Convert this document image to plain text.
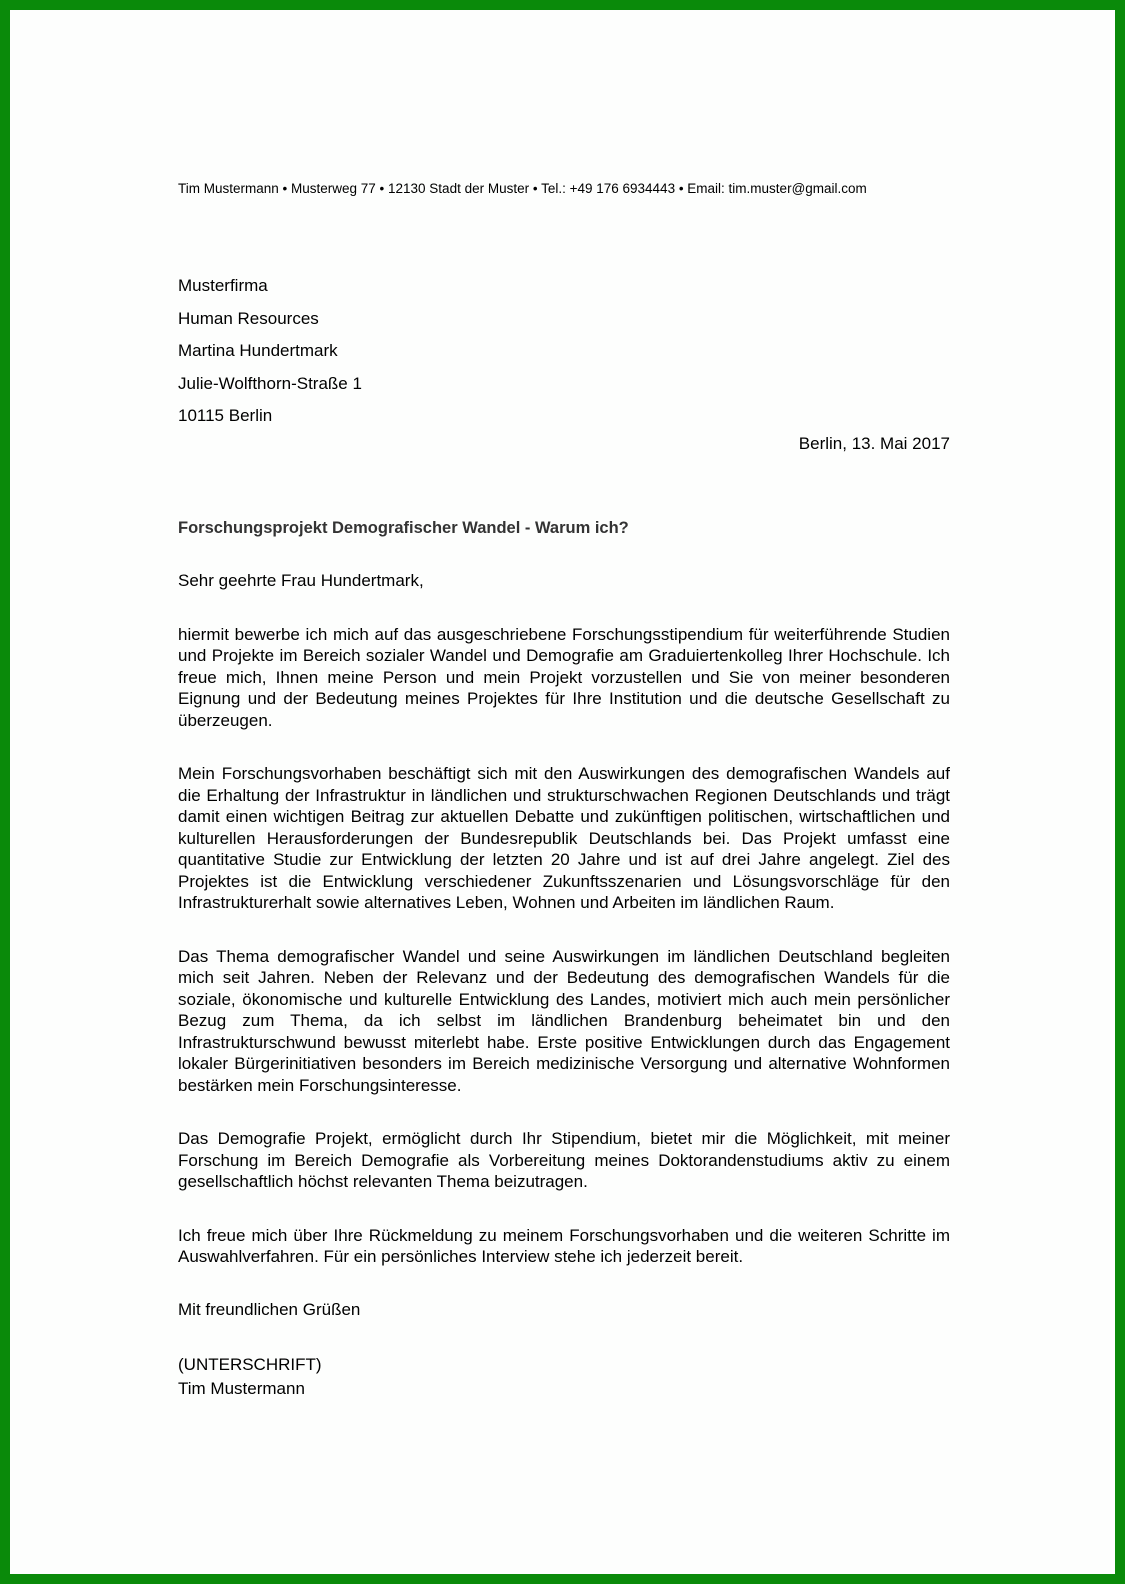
Tim Mustermann • Musterweg 77 • 12130 Stadt der Muster • Tel.: +49 176 6934443 • Email: tim.muster@gmail.com
Musterfirma
Human Resources
Martina Hundertmark
Julie-Wolfthorn-Straße 1
10115 Berlin
Berlin, 13. Mai 2017
Forschungsprojekt Demografischer Wandel - Warum ich?
Sehr geehrte Frau Hundertmark,
hiermit bewerbe ich mich auf das ausgeschriebene Forschungsstipendium für weiterführende Studien und Projekte im Bereich sozialer Wandel und Demografie am Graduiertenkolleg Ihrer Hochschule. Ich freue mich, Ihnen meine Person und mein Projekt vorzustellen und Sie von meiner besonderen Eignung und der Bedeutung meines Projektes für Ihre Institution und die deutsche Gesellschaft zu überzeugen.
Mein Forschungsvorhaben beschäftigt sich mit den Auswirkungen des demografischen Wandels auf die Erhaltung der Infrastruktur in ländlichen und strukturschwachen Regionen Deutschlands und trägt damit einen wichtigen Beitrag zur aktuellen Debatte und zukünftigen politischen, wirtschaftlichen und kulturellen Herausforderungen der Bundesrepublik Deutschlands bei. Das Projekt umfasst eine quantitative Studie zur Entwicklung der letzten 20 Jahre und ist auf drei Jahre angelegt. Ziel des Projektes ist die Entwicklung verschiedener Zukunftsszenarien und Lösungsvorschläge für den Infrastrukturerhalt sowie alternatives Leben, Wohnen und Arbeiten im ländlichen Raum.
Das Thema demografischer Wandel und seine Auswirkungen im ländlichen Deutschland begleiten mich seit Jahren. Neben der Relevanz und der Bedeutung des demografischen Wandels für die soziale, ökonomische und kulturelle Entwicklung des Landes, motiviert mich auch mein persönlicher Bezug zum Thema, da ich selbst im ländlichen Brandenburg beheimatet bin und den Infrastrukturschwund bewusst miterlebt habe. Erste positive Entwicklungen durch das Engagement lokaler Bürgerinitiativen besonders im Bereich medizinische Versorgung und alternative Wohnformen bestärken mein Forschungsinteresse.
Das Demografie Projekt, ermöglicht durch Ihr Stipendium, bietet mir die Möglichkeit, mit meiner Forschung im Bereich Demografie als Vorbereitung meines Doktorandenstudiums aktiv zu einem gesellschaftlich höchst relevanten Thema beizutragen.
Ich freue mich über Ihre Rückmeldung zu meinem Forschungsvorhaben und die weiteren Schritte im Auswahlverfahren. Für ein persönliches Interview stehe ich jederzeit bereit.
Mit freundlichen Grüßen
(UNTERSCHRIFT)
Tim Mustermann
